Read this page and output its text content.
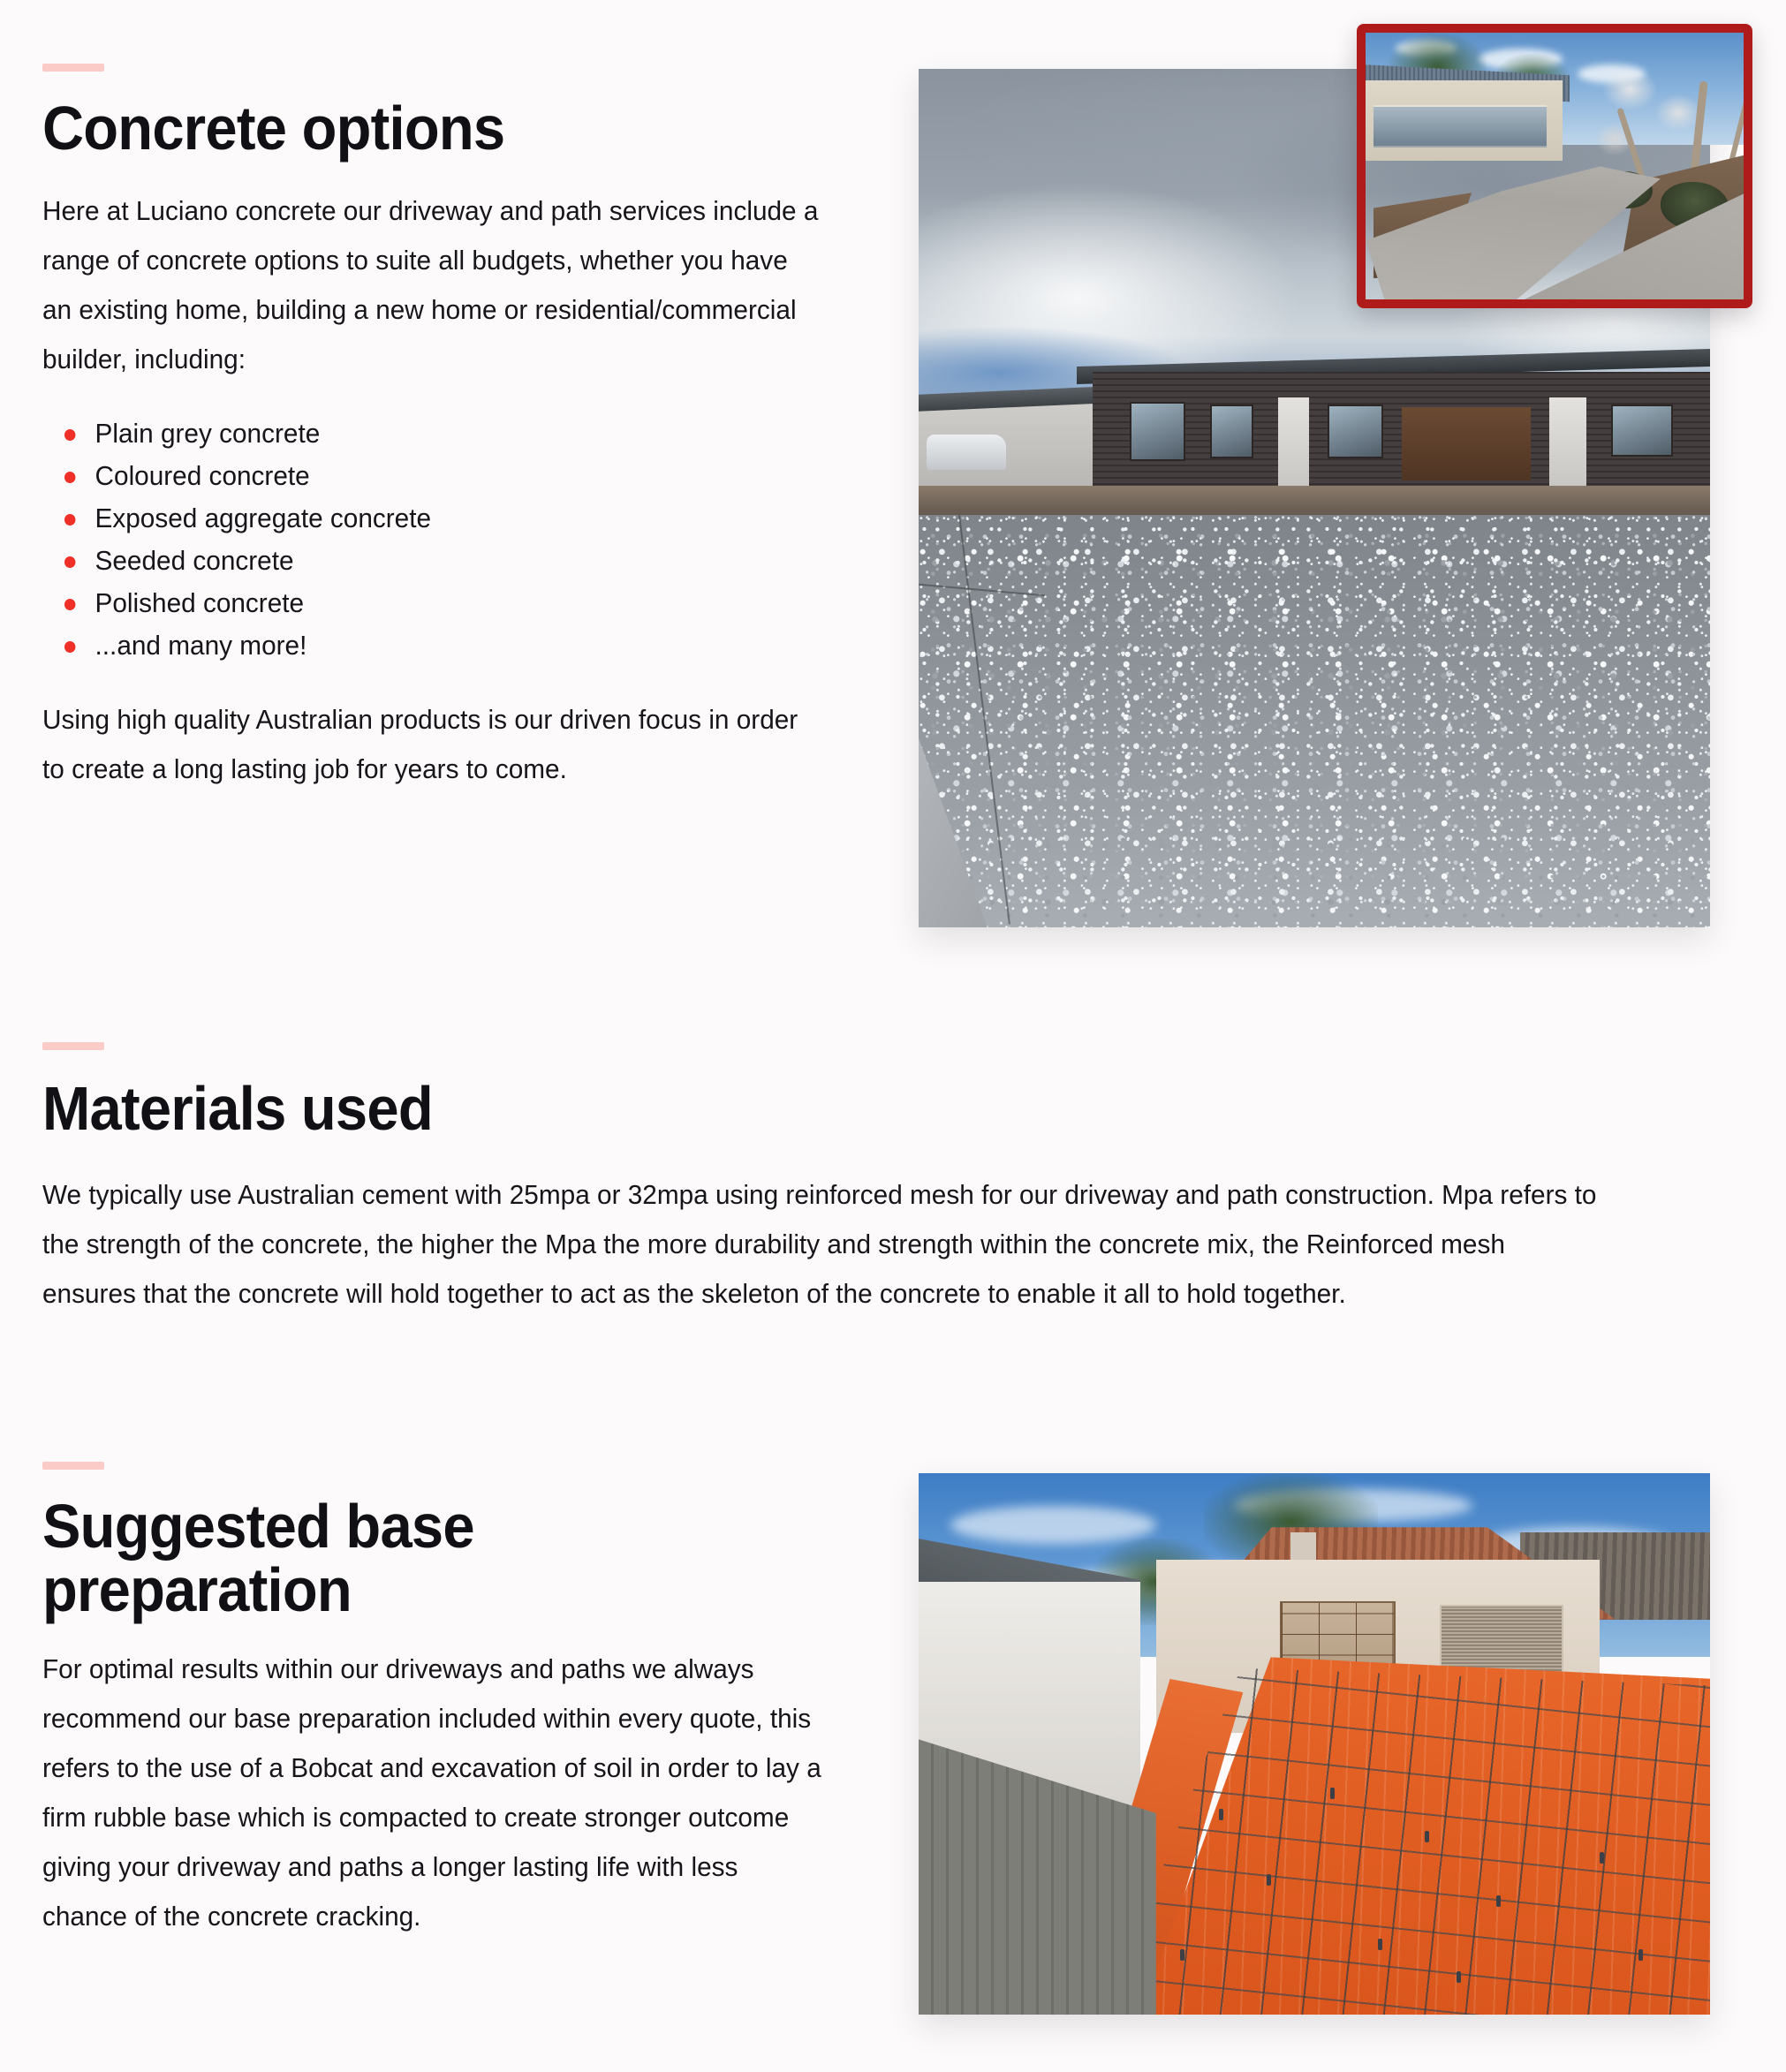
Concrete options

Here at Luciano concrete our driveway and path services include a range of concrete options to suite all budgets, whether you have an existing home, building a new home or residential/commercial builder, including:

Plain grey concrete
Coloured concrete
Exposed aggregate concrete
Seeded concrete
Polished concrete
...and many more!

Using high quality Australian products is our driven focus in order to create a long lasting job for years to come.

Materials used

We typically use Australian cement with 25mpa or 32mpa using reinforced mesh for our driveway and path construction. Mpa refers to the strength of the concrete, the higher the Mpa the more durability and strength within the concrete mix, the Reinforced mesh ensures that the concrete will hold together to act as the skeleton of the concrete to enable it all to hold together.

Suggested base preparation

For optimal results within our driveways and paths we always recommend our base preparation included within every quote, this refers to the use of a Bobcat and excavation of soil in order to lay a firm rubble base which is compacted to create stronger outcome giving your driveway and paths a longer lasting life with less chance of the concrete cracking.
